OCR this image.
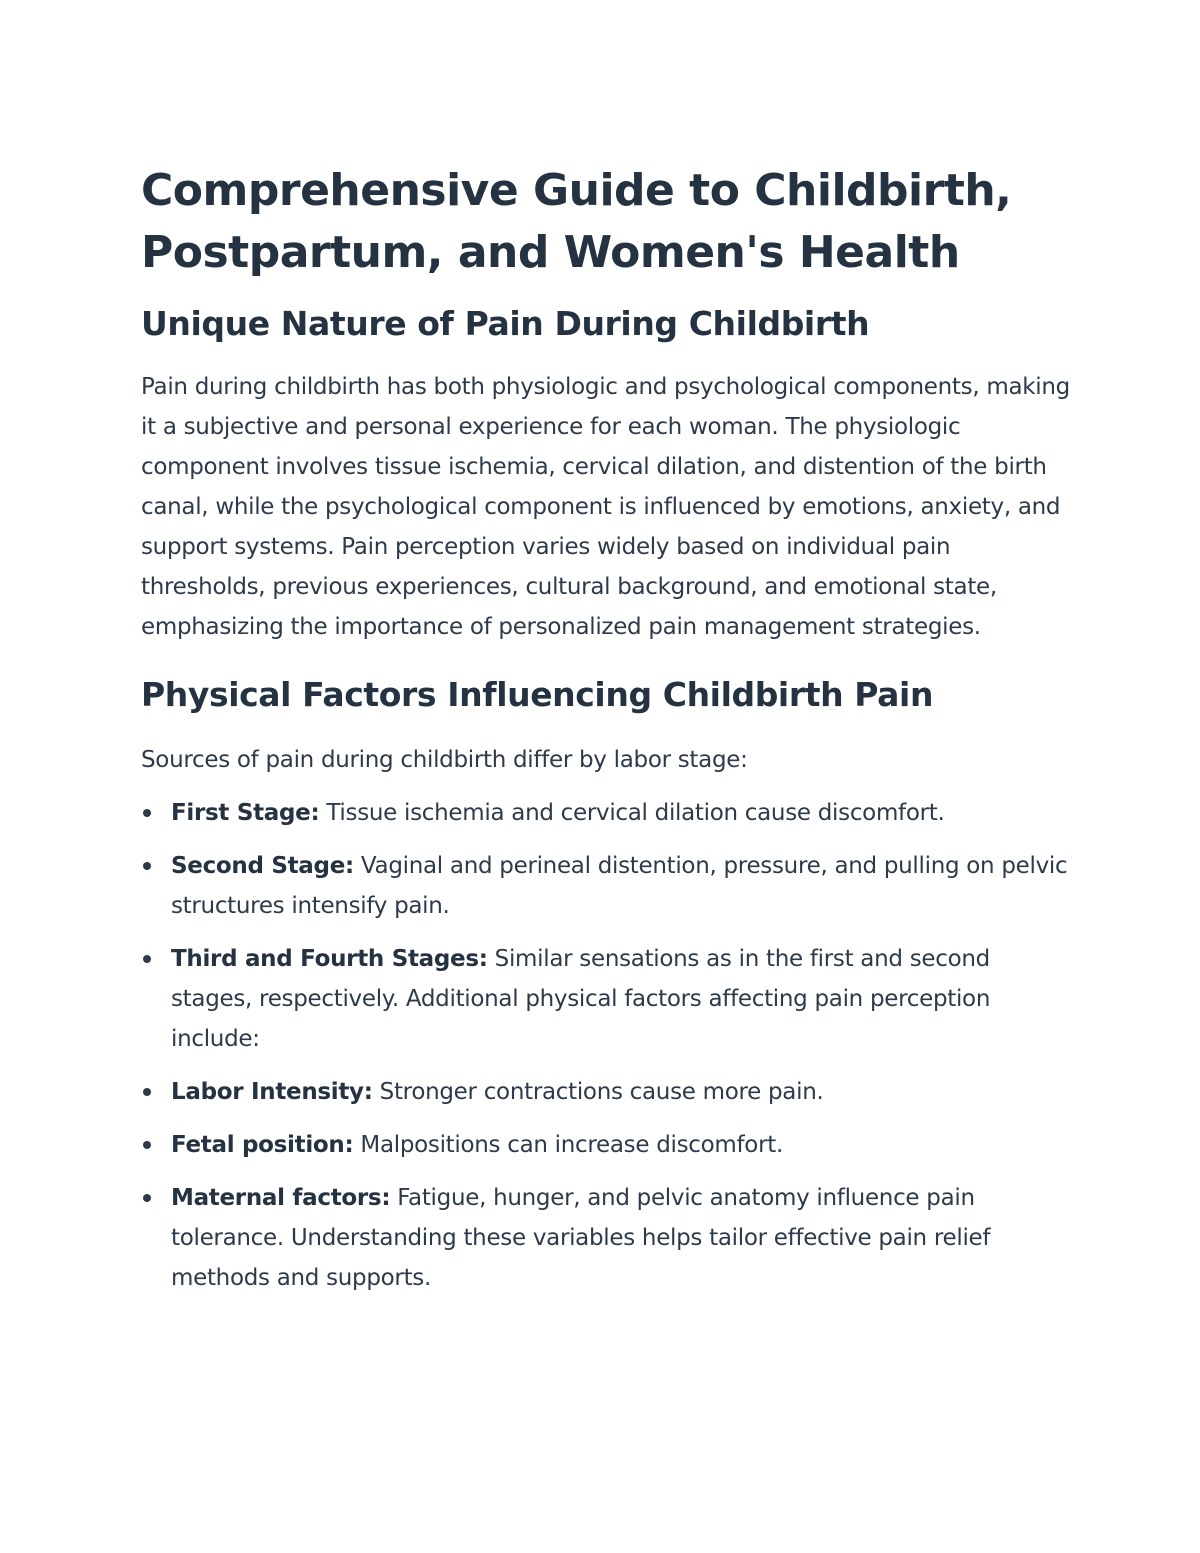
Comprehensive Guide to Childbirth, Postpartum, and Women's Health
Unique Nature of Pain During Childbirth

Pain during childbirth has both physiologic and psychological components, making it a subjective and personal experience for each woman. The physiologic component involves tissue ischemia, cervical dilation, and distention of the birth canal, while the psychological component is influenced by emotions, anxiety, and support systems. Pain perception varies widely based on individual pain thresholds, previous experiences, cultural background, and emotional state, emphasizing the importance of personalized pain management strategies.

Physical Factors Influencing Childbirth Pain

Sources of pain during childbirth differ by labor stage:

First Stage: Tissue ischemia and cervical dilation cause discomfort.
Second Stage: Vaginal and perineal distention, pressure, and pulling on pelvic structures intensify pain.
Third and Fourth Stages: Similar sensations as in the first and second stages, respectively. Additional physical factors affecting pain perception include:
Labor Intensity: Stronger contractions cause more pain.
Fetal position: Malpositions can increase discomfort.
Maternal factors: Fatigue, hunger, and pelvic anatomy influence pain tolerance. Understanding these variables helps tailor effective pain relief methods and supports.
